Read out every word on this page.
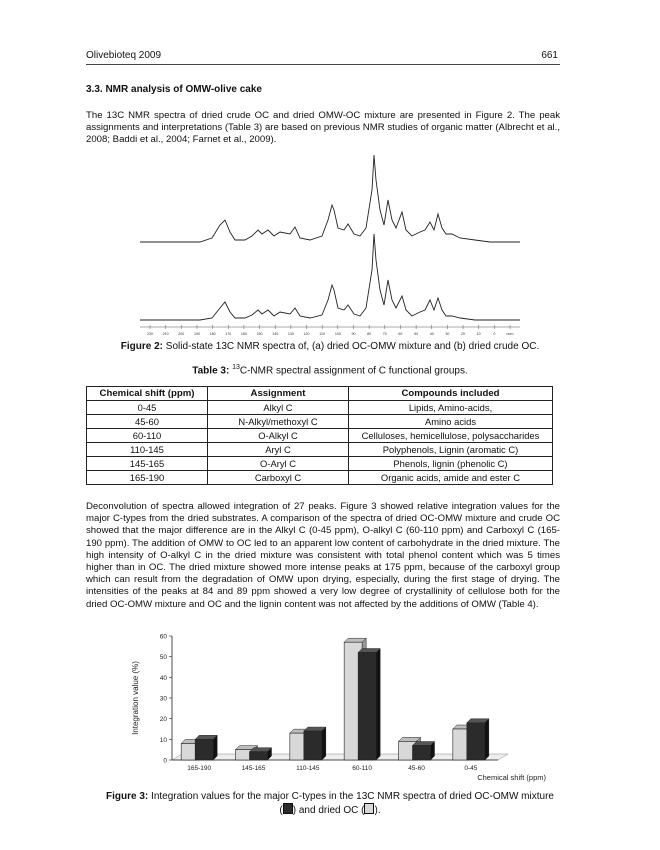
Olivebioteq 2009	661
3.3. NMR analysis of OMW-olive cake
The 13C NMR spectra of dried crude OC and dried OMW-OC mixture are presented in Figure 2. The peak assignments and interpretations (Table 3) are based on previous NMR studies of organic matter (Albrecht et al., 2008; Baddi et al., 2004; Farnet et al., 2009).
230	210	200	190	180	170	160	150	140	130	120	110	100	90	80	70	60	50	40	30	20	10	0	ppm
Figure 2: Solid-state 13C NMR spectra of, (a) dried OC-OMW mixture and (b) dried crude OC.
Table 3: $^{13}$C-NMR spectral assignment of C functional groups.
Chemical shift (ppm)	Assignment	Compounds included
0-45	Alkyl C	Lipids, Amino-acids,
45-60	N-Alkyl/methoxyl C	Amino acids
60-110	O-Alkyl C	Celluloses, hemicellulose, polysaccharides
110-145	Aryl C	Polyphenols, Lignin (aromatic C)
145-165	O-Aryl C	Phenols, lignin (phenolic C)
165-190	Carboxyl C	Organic acids, amide and ester C
Deconvolution of spectra allowed integration of 27 peaks. Figure 3 showed relative integration values for the major C-types from the dried substrates. A comparison of the spectra of dried OC-OMW mixture and crude OC showed that the major difference are in the Alkyl C (0-45 ppm), O-alkyl C (60-110 ppm) and Carboxyl C (165-190 ppm). The addition of OMW to OC led to an apparent low content of carbohydrate in the dried mixture. The high intensity of O-alkyl C in the dried mixture was consistent with total phenol content which was 5 times higher than in OC. The dried mixture showed more intense peaks at 175 ppm, because of the carboxyl group which can result from the degradation of OMW upon drying, especially, during the first stage of drying. The intensities of the peaks at 84 and 89 ppm showed a very low degree of crystallinity of cellulose both for the dried OC-OMW mixture and OC and the lignin content was not affected by the additions of OMW (Table 4).
Integration value (%)
0
10
20
30
40
50
60
165-190	145-165	110-145	60-110	45-60	0-45
Chemical shift (ppm)
Figure 3: Integration values for the major C-types in the 13C NMR spectra of dried OC-OMW mixture
( ) and dried OC ( ).
